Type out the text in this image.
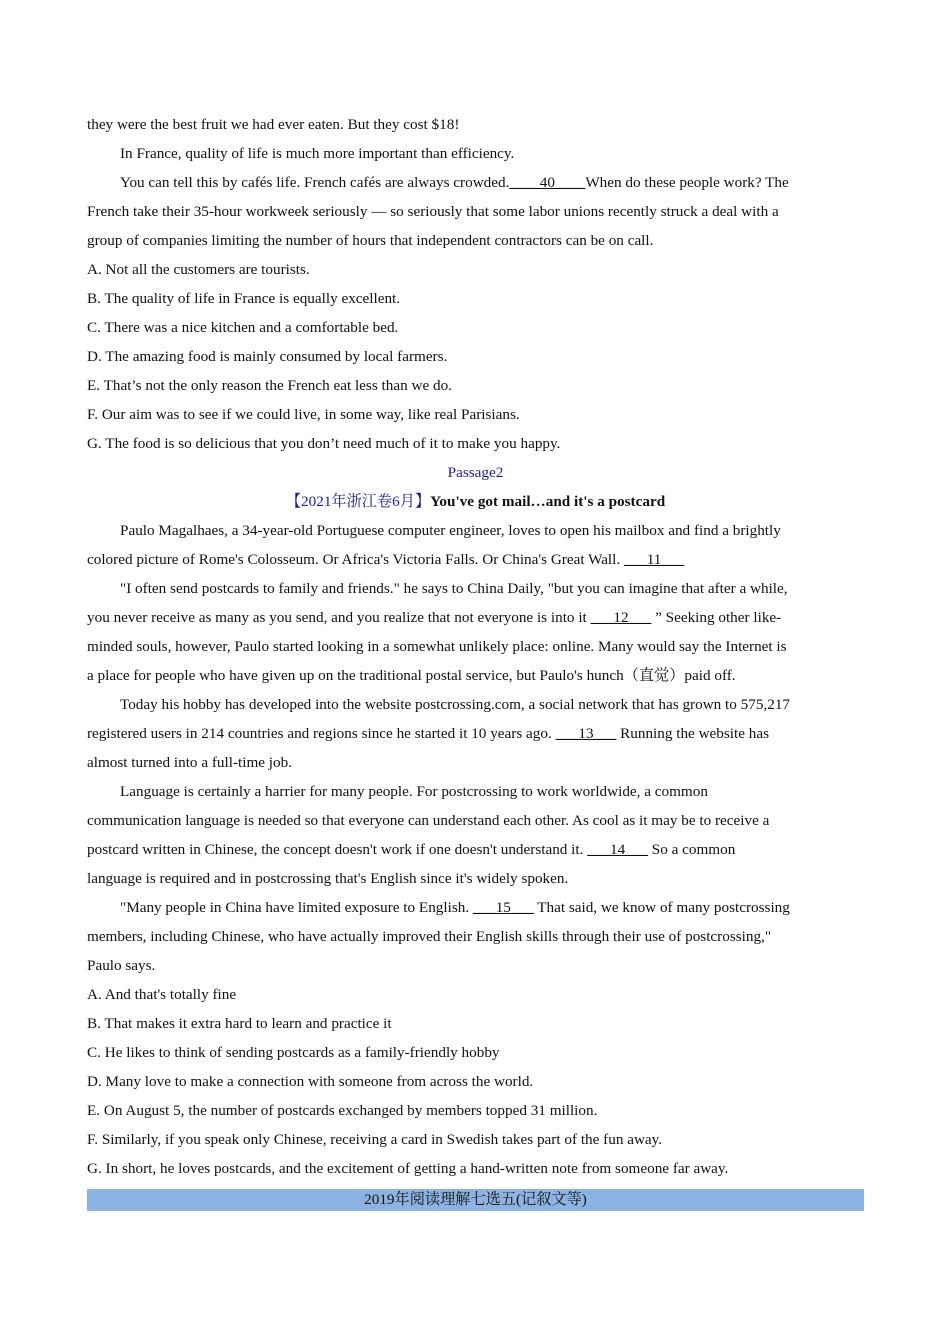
they were the best fruit we had ever eaten. But they cost $18!
In France, quality of life is much more important than efficiency.
You can tell this by cafés life. French cafés are always crowded.____40____When do these people work? The
French take their 35-hour workweek seriously — so seriously that some labor unions recently struck a deal with a
group of companies limiting the number of hours that independent contractors can be on call.
A. Not all the customers are tourists.
B. The quality of life in France is equally excellent.
C. There was a nice kitchen and a comfortable bed.
D. The amazing food is mainly consumed by local farmers.
E. That’s not the only reason the French eat less than we do.
F. Our aim was to see if we could live, in some way, like real Parisians.
G. The food is so delicious that you don’t need much of it to make you happy.
Passage2
【2021年浙江卷6月】You've got mail…and it's a postcard
Paulo Magalhaes, a 34-year-old Portuguese computer engineer, loves to open his mailbox and find a brightly
colored picture of Rome's Colosseum. Or Africa's Victoria Falls. Or China's Great Wall. ___11___
"I often send postcards to family and friends." he says to China Daily, "but you can imagine that after a while,
you never receive as many as you send, and you realize that not everyone is into it ___12___ ” Seeking other like-
minded souls, however, Paulo started looking in a somewhat unlikely place: online. Many would say the Internet is
a place for people who have given up on the traditional postal service, but Paulo's hunch（直觉）paid off.
Today his hobby has developed into the website postcrossing.com, a social network that has grown to 575,217
registered users in 214 countries and regions since he started it 10 years ago. ___13___ Running the website has
almost turned into a full-time job.
Language is certainly a harrier for many people. For postcrossing to work worldwide, a common
communication language is needed so that everyone can understand each other. As cool as it may be to receive a
postcard written in Chinese, the concept doesn't work if one doesn't understand it. ___14___ So a common
language is required and in postcrossing that's English since it's widely spoken.
"Many people in China have limited exposure to English. ___15___ That said, we know of many postcrossing
members, including Chinese, who have actually improved their English skills through their use of postcrossing,"
Paulo says.
A. And that's totally fine
B. That makes it extra hard to learn and practice it
C. He likes to think of sending postcards as a family-friendly hobby
D. Many love to make a connection with someone from across the world.
E. On August 5, the number of postcards exchanged by members topped 31 million.
F. Similarly, if you speak only Chinese, receiving a card in Swedish takes part of the fun away.
G. In short, he loves postcards, and the excitement of getting a hand-written note from someone far away.
2019年阅读理解七选五(记叙文等)
